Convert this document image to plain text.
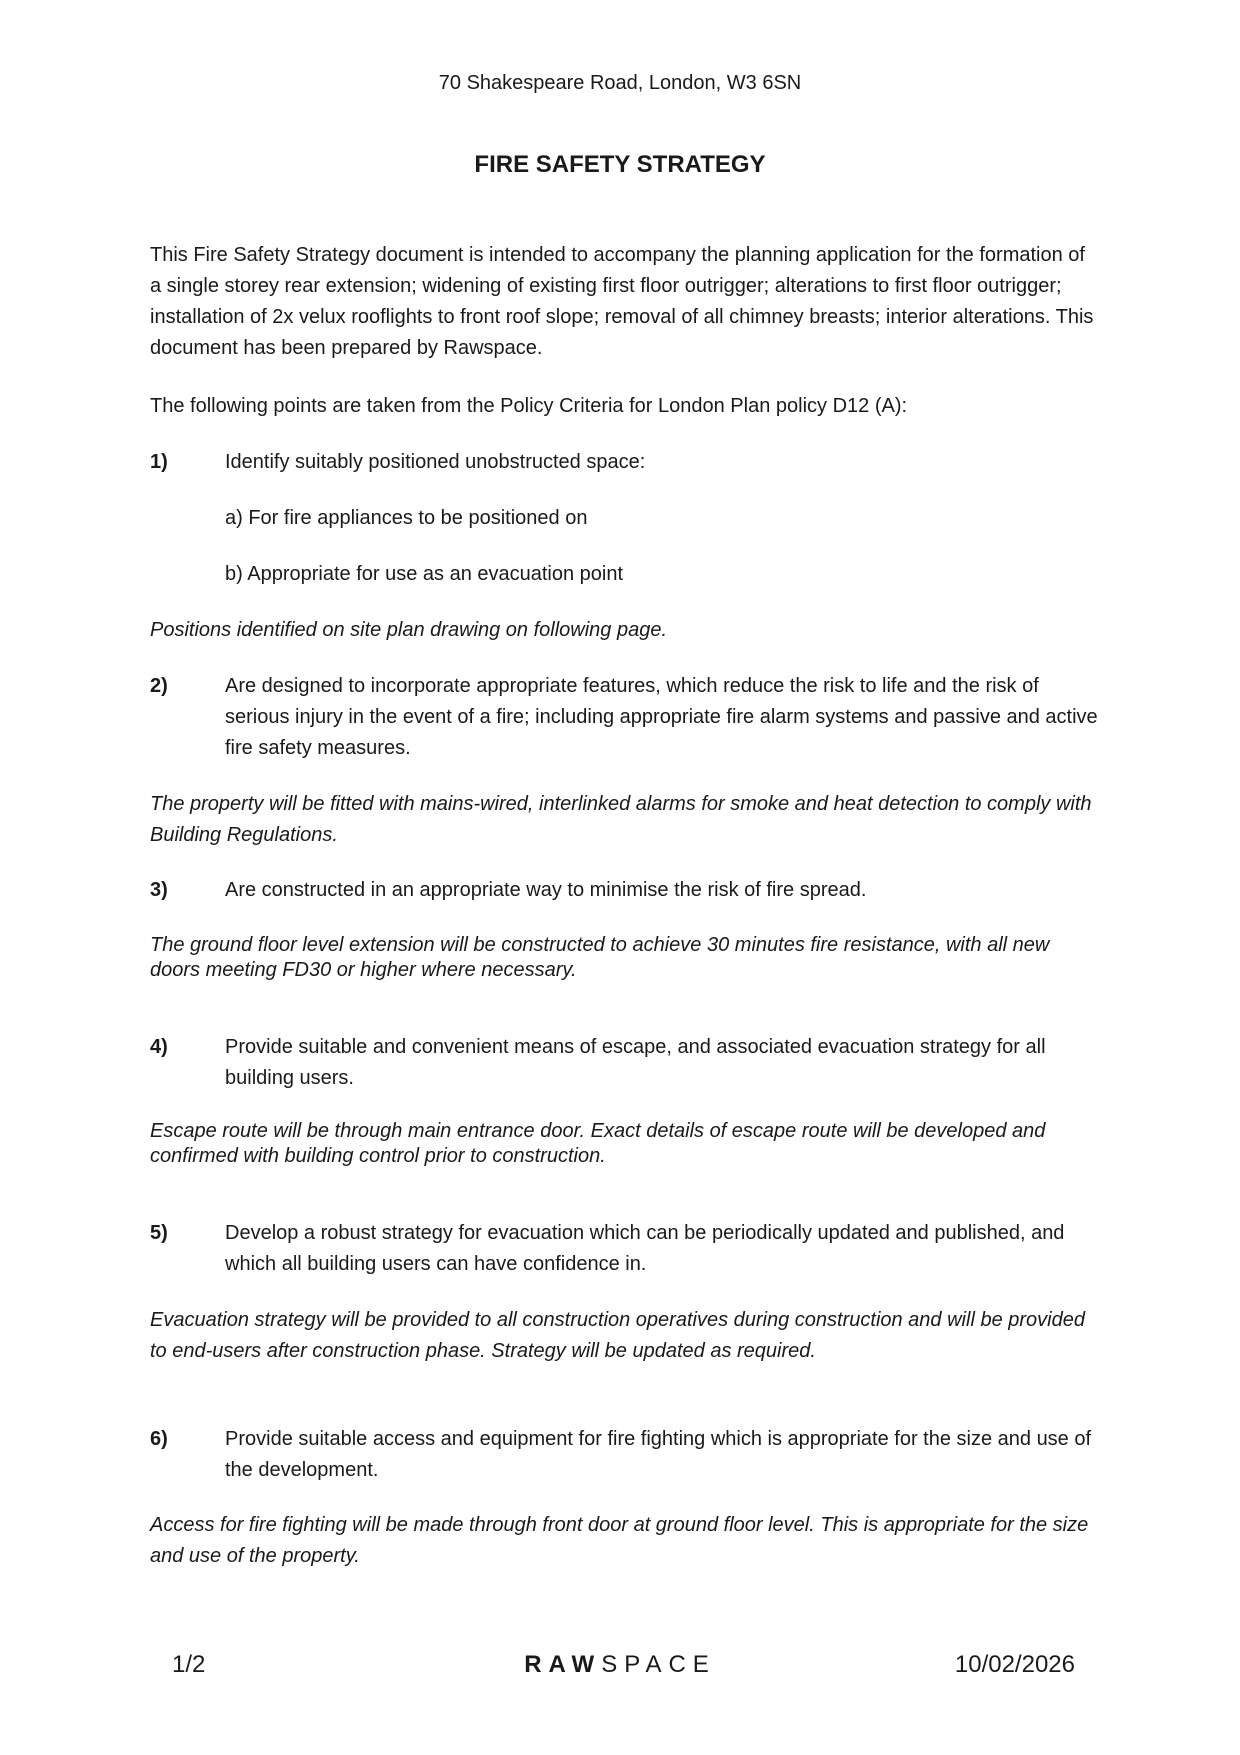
70 Shakespeare Road, London, W3 6SN
FIRE SAFETY STRATEGY
This Fire Safety Strategy document is intended to accompany the planning application for the formation of a single storey rear extension; widening of existing first floor outrigger; alterations to first floor outrigger; installation of 2x velux rooflights to front roof slope; removal of all chimney breasts; interior alterations. This document has been prepared by Rawspace.
The following points are taken from the Policy Criteria for London Plan policy D12 (A):
1)	Identify suitably positioned unobstructed space:
a) For fire appliances to be positioned on
b) Appropriate for use as an evacuation point
Positions identified on site plan drawing on following page.
2)	Are designed to incorporate appropriate features, which reduce the risk to life and the risk of serious injury in the event of a fire; including appropriate fire alarm systems and passive and active fire safety measures.
The property will be fitted with mains-wired, interlinked alarms for smoke and heat detection to comply with Building Regulations.
3)	Are constructed in an appropriate way to minimise the risk of fire spread.
The ground floor level extension will be constructed to achieve 30 minutes fire resistance, with all new doors meeting FD30 or higher where necessary.
4)	Provide suitable and convenient means of escape, and associated evacuation strategy for all building users.
Escape route will be through main entrance door. Exact details of escape route will be developed and confirmed with building control prior to construction.
5)	Develop a robust strategy for evacuation which can be periodically updated and published, and which all building users can have confidence in.
Evacuation strategy will be provided to all construction operatives during construction and will be provided to end-users after construction phase. Strategy will be updated as required.
6)	Provide suitable access and equipment for fire fighting which is appropriate for the size and use of the development.
Access for fire fighting will be made through front door at ground floor level. This is appropriate for the size and use of the property.
1/2	RAWSPACE	10/02/2026
